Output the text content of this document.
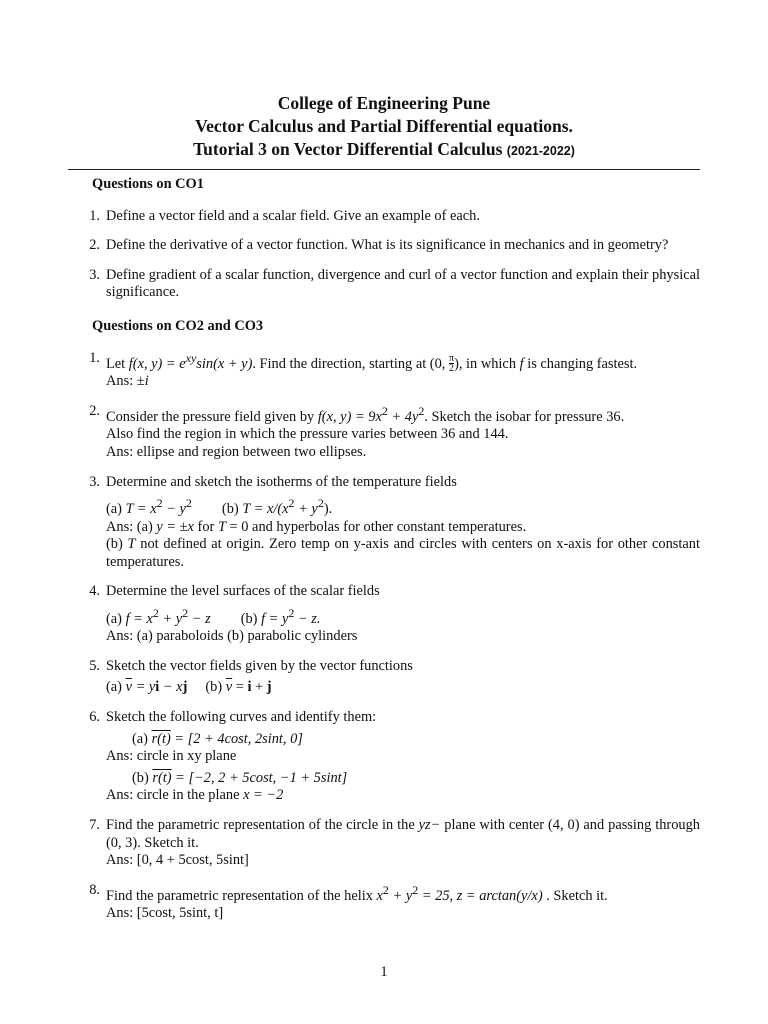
College of Engineering Pune
Vector Calculus and Partial Differential equations.
Tutorial 3 on Vector Differential Calculus (2021-2022)
Questions on CO1
1. Define a vector field and a scalar field. Give an example of each.
2. Define the derivative of a vector function. What is its significance in mechanics and in geometry?
3. Define gradient of a scalar function, divergence and curl of a vector function and explain their physical significance.
Questions on CO2 and CO3
1. Let f(x, $y) = e^{xy}\sin(x + y)$. Find the direction, starting at (0, $\frac{\pi}{2}$ ), in which f is changing fastest.
Ans: ±i
2. Consider the pressure field given by f(x, $y) = 9x^2 + 4y^2$. Sketch the isobar for pressure 36.
Also find the region in which the pressure varies between 36 and 144.
Ans: ellipse and region between two ellipses.
3. Determine and sketch the isotherms of the temperature fields
(a) $T = x^2 - y^2$ (b) $T = x/(x^2 + y^2)$.
Ans: (a) y = ±x for T = 0 and hyperbolas for other constant temperatures.
(b) T not defined at origin. Zero temp on y-axis and circles with centers on x-axis for other constant temperatures.
4. Determine the level surfaces of the scalar fields
(a) $f = x^2 + y^2 - z$ (b) $f = y^2 - z$.
Ans: (a) paraboloids (b) parabolic cylinders
5. Sketch the vector fields given by the vector functions
(a) $\overline{v}$ = yi − xj (b) $\overline{v} = i + j$
6. Sketch the following curves and identify them:
(a) r(t) = [2 + 4cost, 2sint, 0]
Ans: circle in xy plane
(b) r(t) = [−2, 2 + 5cost, −1 + 5sint]
Ans: circle in the plane x = −2
7. Find the parametric representation of the circle in the yz− plane with center (4, 0) and passing through (0, 3). Sketch it.
Ans: [0, 4 + 5cost, 5sint]
8. Find the parametric representation of the helix $x^2 + y^2 = 25$, z = arctan(y/x) . Sketch it.
Ans: [5cost, 5sint, t]
1
